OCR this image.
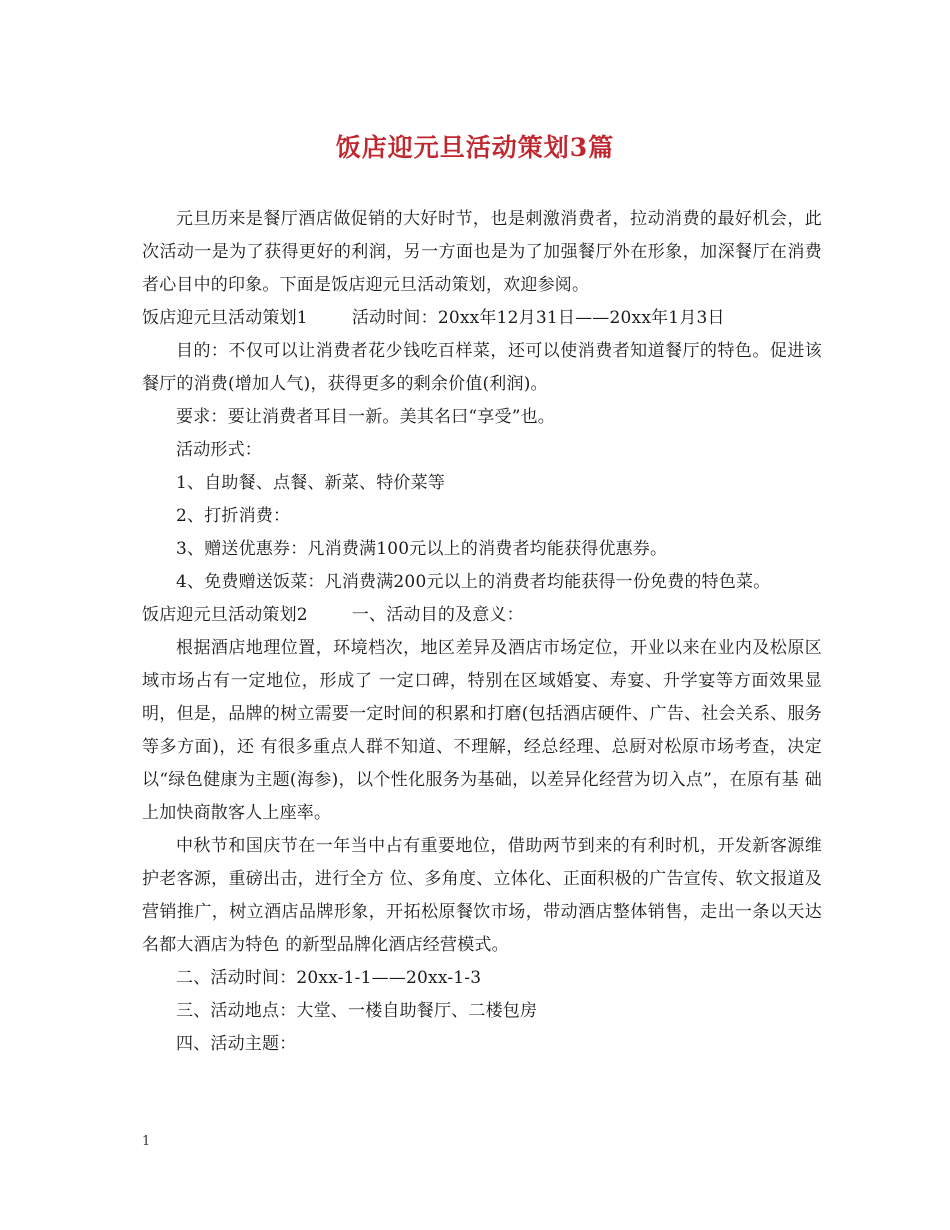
饭店迎元旦活动策划3篇

元旦历来是餐厅酒店做促销的大好时节，也是刺激消费者，拉动消费的最好机会，此次活动一是为了获得更好的利润，另一方面也是为了加强餐厅外在形象，加深餐厅在消费者心目中的印象。下面是饭店迎元旦活动策划，欢迎参阅。

饭店迎元旦活动策划1	活动时间：20xx年12月31日——20xx年1月3日

目的：不仅可以让消费者花少钱吃百样菜，还可以使消费者知道餐厅的特色。促进该餐厅的消费(增加人气)，获得更多的剩余价值(利润)。

要求：要让消费者耳目一新。美其名曰“享受”也。

活动形式：

1、自助餐、点餐、新菜、特价菜等

2、打折消费：

3、赠送优惠券：凡消费满100元以上的消费者均能获得优惠券。

4、免费赠送饭菜：凡消费满200元以上的消费者均能获得一份免费的特色菜。

饭店迎元旦活动策划2	一、活动目的及意义：

根据酒店地理位置，环境档次，地区差异及酒店市场定位，开业以来在业内及松原区域市场占有一定地位，形成了 一定口碑，特别在区域婚宴、寿宴、升学宴等方面效果显明，但是，品牌的树立需要一定时间的积累和打磨(包括酒店硬件、广告、社会关系、服务等多方面)，还 有很多重点人群不知道、不理解，经总经理、总厨对松原市场考查，决定以“绿色健康为主题(海参)，以个性化服务为基础，以差异化经营为切入点”，在原有基 础上加快商散客人上座率。

中秋节和国庆节在一年当中占有重要地位，借助两节到来的有利时机，开发新客源维护老客源，重磅出击，进行全方 位、多角度、立体化、正面积极的广告宣传、软文报道及营销推广，树立酒店品牌形象，开拓松原餐饮市场，带动酒店整体销售，走出一条以天达名都大酒店为特色 的新型品牌化酒店经营模式。

二、活动时间：20xx-1-1——20xx-1-3

三、活动地点：大堂、一楼自助餐厅、二楼包房

四、活动主题：

1
